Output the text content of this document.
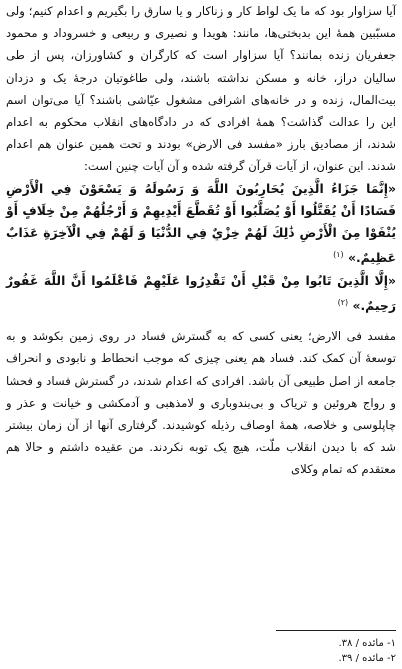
آیا سزاوار بود که ما یک لواط کار و زناکار و یا سارق را بگیریم و اعدام کنیم؛ ولی مسبّبین همهٔ این بدبختی‌ها، مانند: هویدا و نصیری و ربیعی و خسروداد و محمود جعفریان زنده بمانند؟ آیا سزاوار است که کارگران و کشاورزان، پس از طی سالیان دراز، خانه و مسکن نداشته باشند، ولی طاغوتیان درجهٔ یک و دزدان بیت‌المال، زنده و در خانه‌های اشرافی مشغول عیّاشی باشند؟ آیا می‌توان اسم این را عدالت گذاشت؟ همهٔ افرادی که در دادگاه‌های انقلاب محکوم به اعدام شدند، از مصادیق بارز «مفسد فی الارض» بودند و تحت همین عنوان هم اعدام شدند. این عنوان، از آیات قرآن گرفته شده و آن آیات چنین است:

«إِنَّمَا جَزَاءُ الَّذِينَ يُحَارِبُونَ اللَّهَ وَ رَسُولَهُ وَ يَسْعَوْنَ فِي الْأَرْضِ فَسَادًا أَنْ يُقَتَّلُوا أَوْ يُصَلَّبُوا أَوْ تُقَطَّعَ أَيْدِيهِمْ وَ أَرْجُلُهُمْ مِنْ خِلَافٍ أَوْ يُنْفَوْا مِنَ الْأَرْضِ ذَٰلِكَ لَهُمْ خِزْيٌ فِي الدُّنْيَا وَ لَهُمْ فِي الْآخِرَةِ عَذَابٌ عَظِيمٌ.» $^{(۱)}$

«إِلَّا الَّذِينَ تَابُوا مِنْ قَبْلِ أَنْ تَقْدِرُوا عَلَيْهِمْ فَاعْلَمُوا أَنَّ اللَّهَ غَفُورٌ رَحِيمٌ.» $^{(۲)}$

مفسد فی الارض؛ یعنی کسی که به گسترش فساد در روی زمین بکوشد و به توسعهٔ آن کمک کند. فساد هم یعنی چیزی که موجب انحطاط و نابودی و انحراف جامعه از اصل طبیعی آن باشد. افرادی که اعدام شدند، در گسترش فساد و فحشا و رواج هروئین و تریاک و بی‌بندوباری و لامذهبی و آدمکشی و خیانت و عذر و چاپلوسی و خلاصه، همهٔ اوصاف رذیله کوشیدند. گرفتاری آنها از آن زمان بیشتر شد که با دیدن انقلاب ملّت، هیچ یک توبه نکردند. من عقیده داشتم و حالا هم معتقدم که تمام وکلای

۱- مائده / ۳۸.
۲- مائده / ۳۹.
